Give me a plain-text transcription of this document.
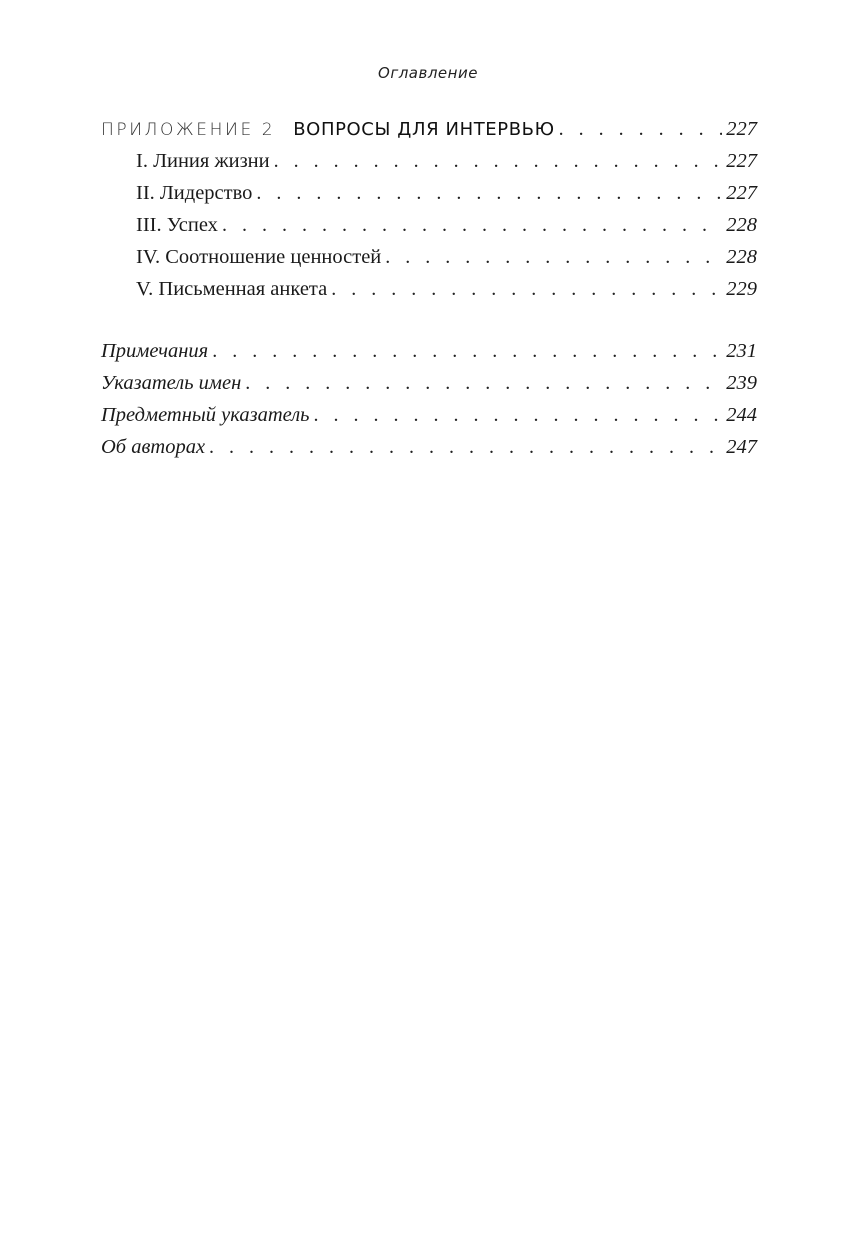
Оглавление
ПРИЛОЖЕНИЕ 2 ВОПРОСЫ ДЛЯ ИНТЕРВЬЮ . . .	227
I. Линия жизни . . .	227
II. Лидерство . . .	227
III. Успех . . .	228
IV. Соотношение ценностей . . .	228
V. Письменная анкета . . .	229
Примечания . . .	231
Указатель имен . . .	239
Предметный указатель . . .	244
Об авторах . . .	247
